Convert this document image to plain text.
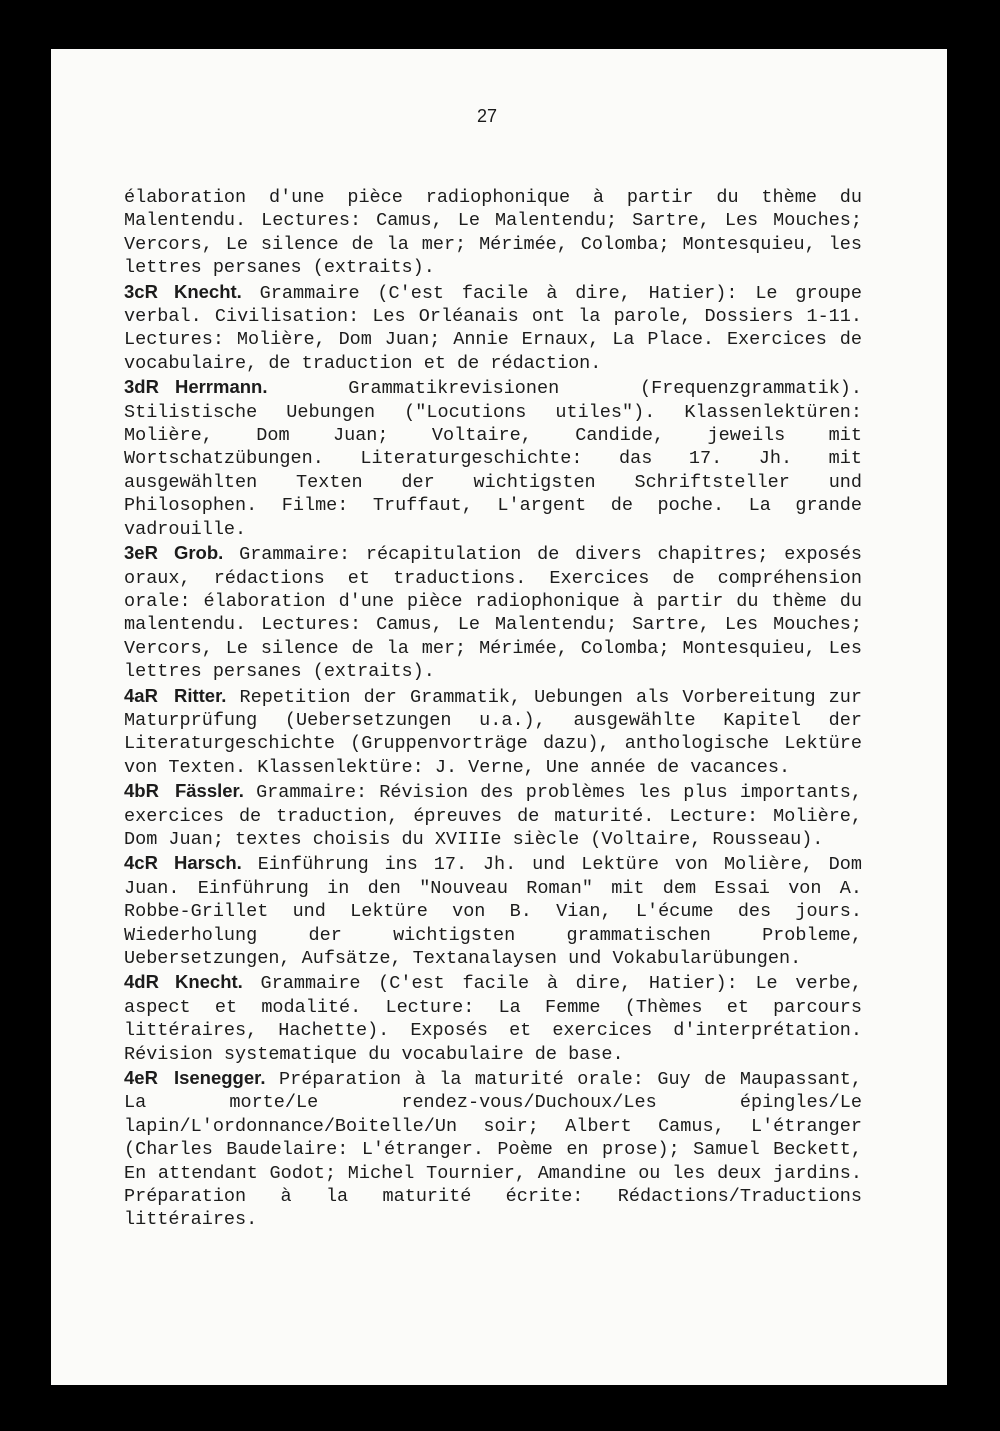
27

élaboration d'une pièce radiophonique à partir du thème du Malentendu. Lectures: Camus, Le Malentendu; Sartre, Les Mouches; Vercors, Le silence de la mer; Mérimée, Colomba; Montesquieu, les lettres persanes (extraits).

3cR Knecht. Grammaire (C'est facile à dire, Hatier): Le groupe verbal. Civilisation: Les Orléanais ont la parole, Dossiers 1-11. Lectures: Molière, Dom Juan; Annie Ernaux, La Place. Exercices de vocabulaire, de traduction et de rédaction.

3dR Herrmann.	Grammatikrevisionen (Frequenzgrammatik). Stilistische Uebungen ("Locutions utiles"). Klassenlektüren: Molière, Dom Juan; Voltaire, Candide, jeweils mit Wortschatzübungen. Literaturgeschichte: das 17. Jh. mit ausgewählten Texten der wichtigsten Schriftsteller und Philosophen. Filme: Truffaut, L'argent de poche. La grande vadrouille.

3eR Grob. Grammaire: récapitulation de divers chapitres; exposés oraux, rédactions et traductions. Exercices de compréhension orale: élaboration d'une pièce radiophonique à partir du thème du malentendu. Lectures: Camus, Le Malentendu; Sartre, Les Mouches; Vercors, Le silence de la mer; Mérimée, Colomba; Montesquieu, Les lettres persanes (extraits).

4aR Ritter. Repetition der Grammatik, Uebungen als Vorbereitung zur Maturprüfung (Uebersetzungen u.a.), ausgewählte Kapitel der Literaturgeschichte (Gruppenvorträge dazu), anthologische Lektüre von Texten. Klassenlektüre: J. Verne, Une année de vacances.

4bR Fässler. Grammaire: Révision des problèmes les plus importants, exercices de traduction, épreuves de maturité. Lecture: Molière, Dom Juan; textes choisis du XVIIIe siècle (Voltaire, Rousseau).

4cR Harsch. Einführung ins 17. Jh. und Lektüre von Molière, Dom Juan. Einführung in den "Nouveau Roman" mit dem Essai von A. Robbe-Grillet und Lektüre von B. Vian, L'écume des jours. Wiederholung der wichtigsten grammatischen Probleme, Uebersetzungen, Aufsätze, Textanalaysen und Vokabularübungen.

4dR Knecht. Grammaire (C'est facile à dire, Hatier): Le verbe, aspect et modalité. Lecture: La Femme (Thèmes et parcours littéraires, Hachette). Exposés et exercices d'interprétation. Révision systematique du vocabulaire de base.

4eR Isenegger. Préparation à la maturité orale: Guy de Maupassant, La morte/Le rendez-vous/Duchoux/Les épingles/Le lapin/L'ordonnance/Boitelle/Un soir; Albert Camus, L'étranger (Charles Baudelaire: L'étranger. Poème en prose); Samuel Beckett, En attendant Godot; Michel Tournier, Amandine ou les deux jardins. Préparation à la maturité écrite: Rédactions/Traductions littéraires.
